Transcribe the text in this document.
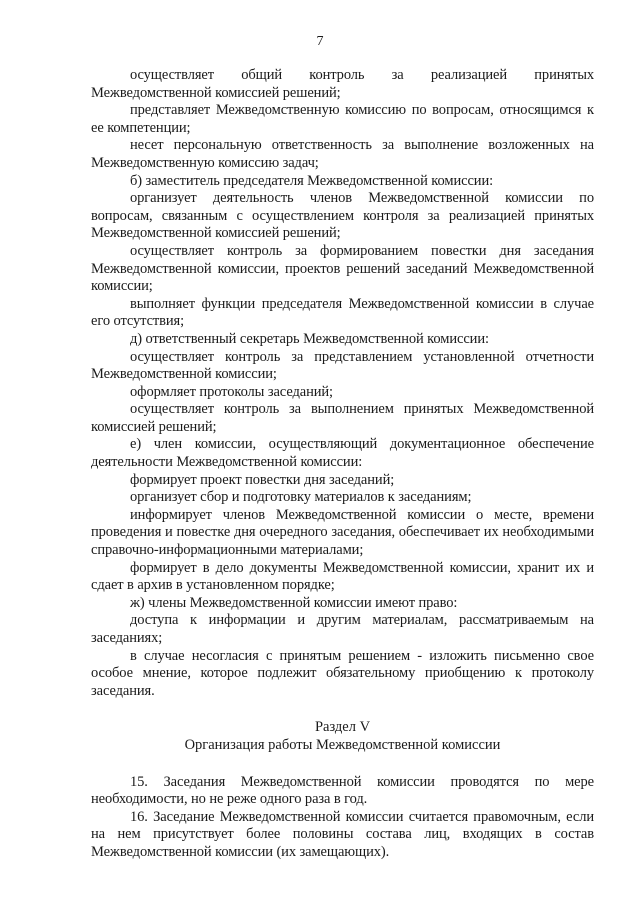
7

осуществляет общий контроль за реализацией принятых Межведомственной комиссией решений;

представляет Межведомственную комиссию по вопросам, относящимся к ее компетенции;

несет персональную ответственность за выполнение возложенных на Межведомственную комиссию задач;

б) заместитель председателя Межведомственной комиссии:

организует деятельность членов Межведомственной комиссии по вопросам, связанным с осуществлением контроля за реализацией принятых Межведомственной комиссией решений;

осуществляет контроль за формированием повестки дня заседания Межведомственной комиссии, проектов решений заседаний Межведомственной комиссии;

выполняет функции председателя Межведомственной комиссии в случае его отсутствия;

д) ответственный секретарь Межведомственной комиссии:

осуществляет контроль за представлением установленной отчетности Межведомственной комиссии;

оформляет протоколы заседаний;

осуществляет контроль за выполнением принятых Межведомственной комиссией решений;

е) член комиссии, осуществляющий документационное обеспечение деятельности Межведомственной комиссии:

формирует проект повестки дня заседаний;

организует сбор и подготовку материалов к заседаниям;

информирует членов Межведомственной комиссии о месте, времени проведения и повестке дня очередного заседания, обеспечивает их необходимыми справочно-информационными материалами;

формирует в дело документы Межведомственной комиссии, хранит их и сдает в архив в установленном порядке;

ж) члены Межведомственной комиссии имеют право:

доступа к информации и другим материалам, рассматриваемым на заседаниях;

в случае несогласия с принятым решением - изложить письменно свое особое мнение, которое подлежит обязательному приобщению к протоколу заседания.

Раздел V

Организация работы Межведомственной комиссии

15. Заседания Межведомственной комиссии проводятся по мере необходимости, но не реже одного раза в год.

16. Заседание Межведомственной комиссии считается правомочным, если на нем присутствует более половины состава лиц, входящих в состав Межведомственной комиссии (их замещающих).
